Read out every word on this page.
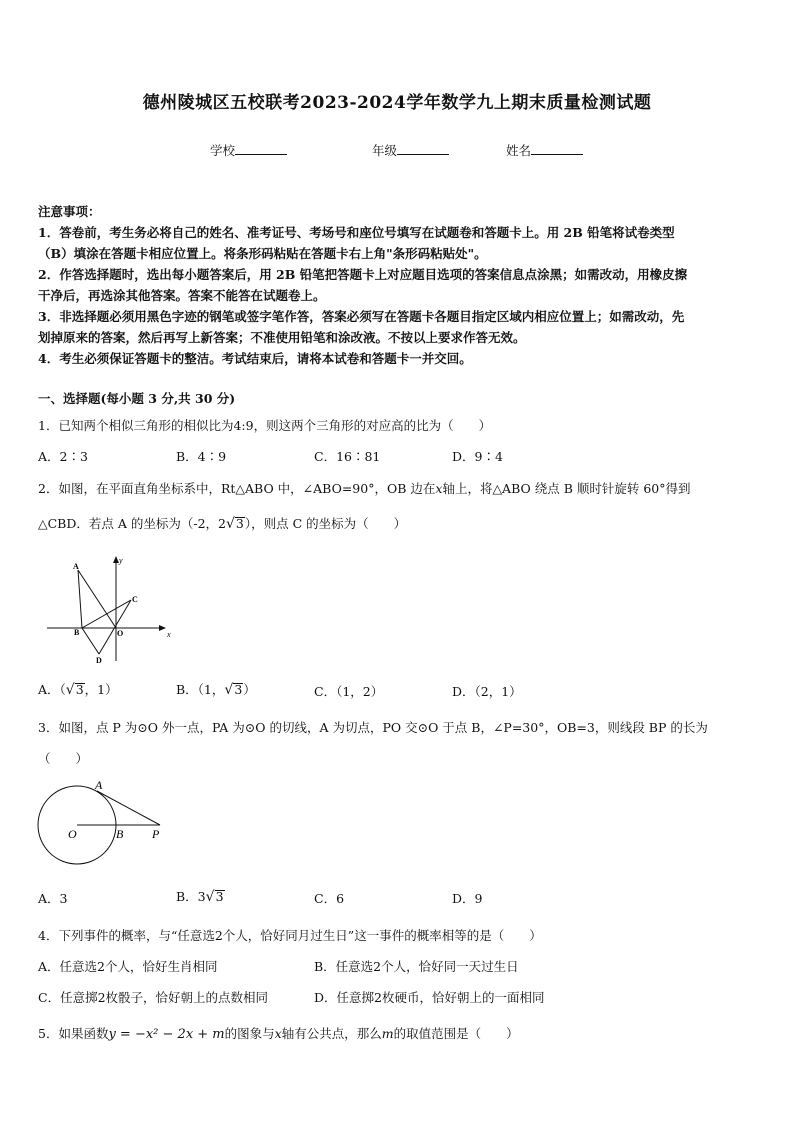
德州陵城区五校联考2023-2024学年数学九上期末质量检测试题
学校	年级	姓名
注意事项：
1．答卷前，考生务必将自己的姓名、准考证号、考场号和座位号填写在试题卷和答题卡上。用 2B 铅笔将试卷类型
（B）填涂在答题卡相应位置上。将条形码粘贴在答题卡右上角"条形码粘贴处"。
2．作答选择题时，选出每小题答案后，用 2B 铅笔把答题卡上对应题目选项的答案信息点涂黑；如需改动，用橡皮擦
干净后，再选涂其他答案。答案不能答在试题卷上。
3．非选择题必须用黑色字迹的钢笔或签字笔作答，答案必须写在答题卡各题目指定区域内相应位置上；如需改动，先
划掉原来的答案，然后再写上新答案；不准使用铅笔和涂改液。不按以上要求作答无效。
4．考生必须保证答题卡的整洁。考试结束后，请将本试卷和答题卡一并交回。
一、选择题(每小题 3 分,共 30 分)
1．已知两个相似三角形的相似比为4:9，则这两个三角形的对应高的比为（　　）
A．2∶3	B．4∶9	C．16∶81	D．9∶4
2．如图，在平面直角坐标系中，Rt△ABO 中，∠ABO=90°，OB 边在x轴上，将△ABO 绕点 B 顺时针旋转 60°得到
△CBD．若点 A 的坐标为（-2，2√3），则点 C 的坐标为（　　）
A
B
C
D
O	x
y
A．（√3，1）	B．（1，√3）	C．（1，2）	D．（2，1）
3．如图，点 P 为⊙O 外一点，PA 为⊙O 的切线，A 为切点，PO 交⊙O 于点 B，∠P=30°，OB=3，则线段 BP 的长为
（　　）
A
O	B P
A．3	B．3√3	C．6	D．9
4．下列事件的概率，与“任意选2个人，恰好同月过生日”这一事件的概率相等的是（　　）
A．任意选2个人，恰好生肖相同	B．任意选2个人，恰好同一天过生日
C．任意掷2枚骰子，恰好朝上的点数相同	D．任意掷2枚硬币，恰好朝上的一面相同
5．如果函数y = −x² − 2x + m的图象与x轴有公共点，那么m的取值范围是（　　）
